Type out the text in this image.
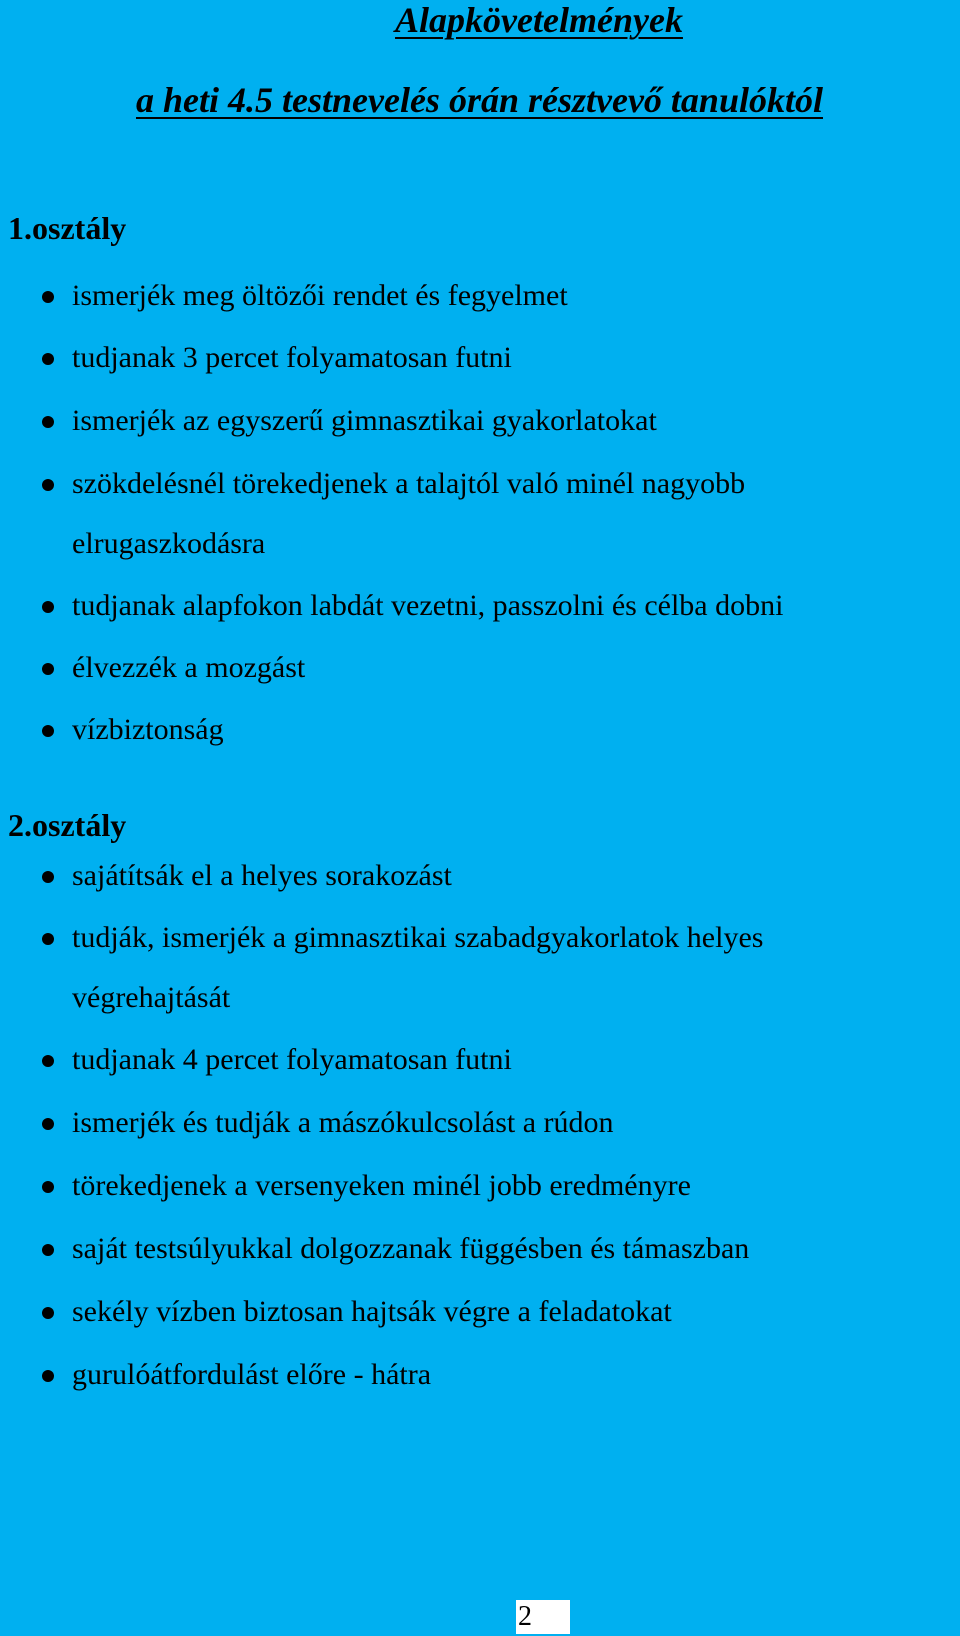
Alapkövetelmények
a heti 4.5 testnevelés órán résztvevő tanulóktól
1.osztály
ismerjék meg öltözői rendet és fegyelmet
tudjanak 3 percet folyamatosan futni
ismerjék az egyszerű gimnasztikai gyakorlatokat
szökdelésnél törekedjenek a talajtól való minél nagyobb elrugaszkodásra
tudjanak alapfokon labdát vezetni, passzolni és célba dobni
élvezzék a mozgást
vízbiztonság
2.osztály
sajátítsák el a helyes sorakozást
tudják, ismerjék a gimnasztikai szabadgyakorlatok helyes végrehajtását
tudjanak 4 percet folyamatosan futni
ismerjék és tudják a mászókulcsolást a rúdon
törekedjenek a versenyeken minél jobb eredményre
saját testsúlyukkal dolgozzanak függésben és támaszban
sekély vízben biztosan hajtsák végre a feladatokat
gurulóátfordulást előre - hátra
2
